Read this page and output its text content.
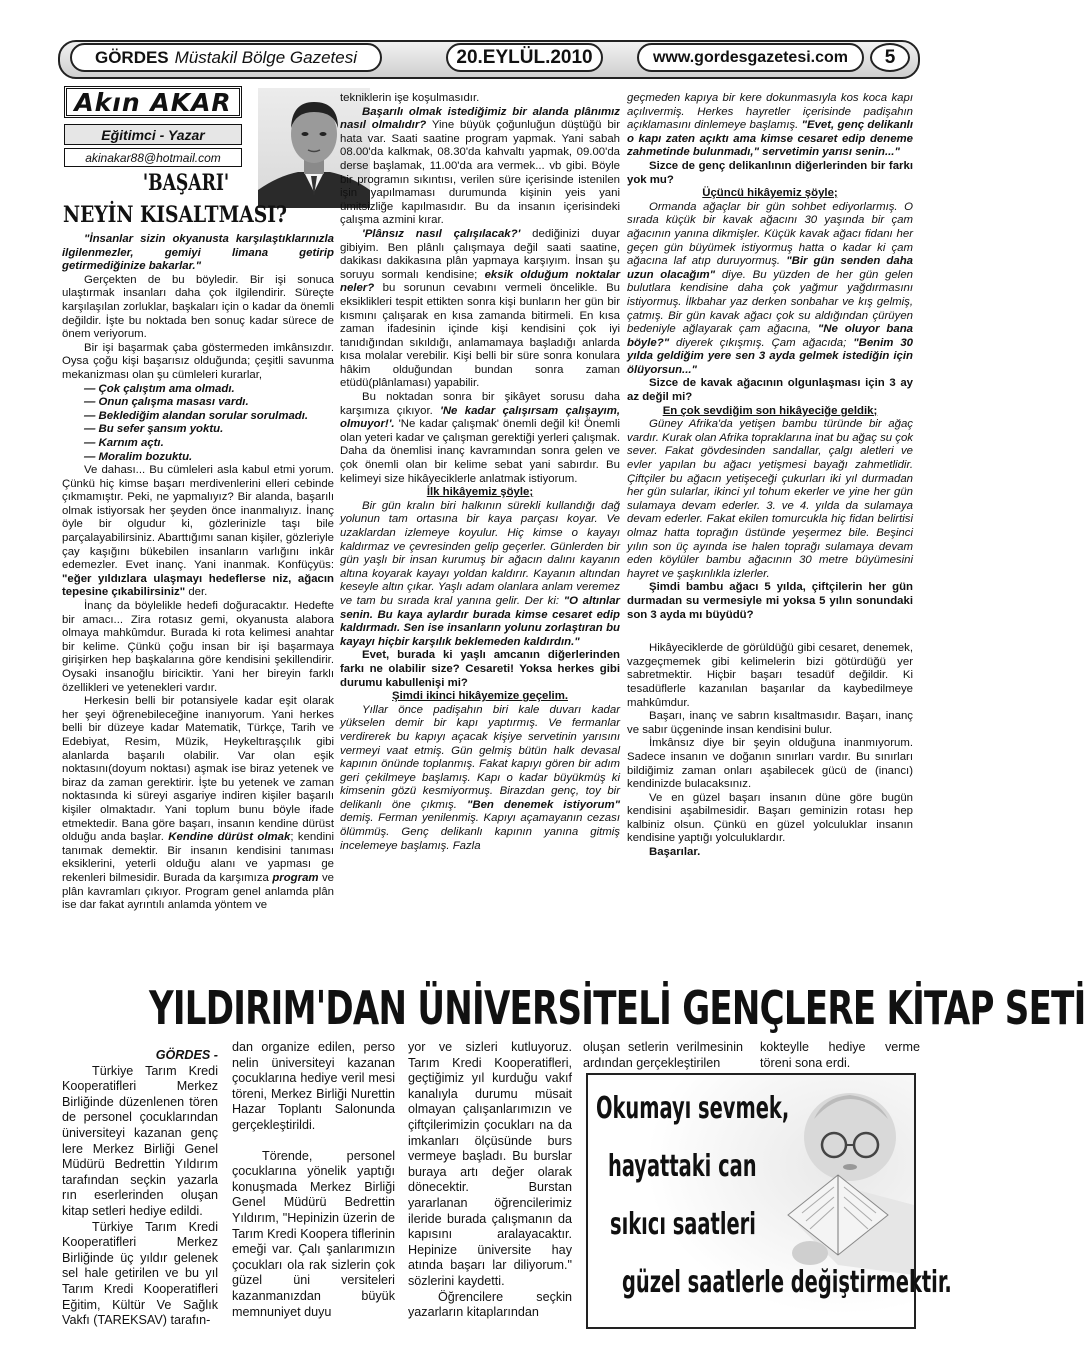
GÖRDES Müstakil Bölge Gazetesi	20.EYLÜL.2010	www.gordesgazetesi.com	5
Akın AKAR
Eğitimci - Yazar
akinakar88@hotmail.com
'BAŞARI'
NEYİN KISALTMASI?

"İnsanlar sizin okyanusta karşılaştıklarınızla ilgilenmezler, gemiyi limana getirip getirmediğinize bakarlar."

Gerçekten de bu böyledir. Bir işi sonuca ulaştırmak insanları daha çok ilgilendirir. Süreçte karşılaşılan zorluklar, başkaları için o kadar da önemli değildir. İşte bu noktada ben sonuç kadar sürece de önem veriyorum.

Bir işi başarmak çaba göstermeden imkânsızdır. Oysa çoğu kişi başarısız olduğunda; çeşitli savunma mekanizması olan şu cümleleri kurarlar,

— Çok çalıştım ama olmadı.

— Onun çalışma masası vardı.

— Beklediğim alandan sorular sorulmadı.

— Bu sefer şansım yoktu.

— Karnım açtı.

— Moralim bozuktu.

Ve dahası... Bu cümleleri asla kabul etmi yorum. Çünkü hiç kimse başarı merdivenlerini elleri cebinde çıkmamıştır. Peki, ne yapmalıyız? Bir alanda, başarılı olmak istiyorsak her şeyden önce inanmalıyız. İnanç öyle bir olgudur ki, gözlerinizle taşı bile parçalayabilirsiniz. Abarttığımı sanan kişiler, gözleriyle çay kaşığını bükebilen insanların varlığını inkâr edemezler. Evet inanç. Yani inanmak. Konfüçyüs: "eğer yıldızlara ulaşmayı hedeflerse niz, ağacın tepesine çıkabilirsiniz" der.

İnanç da böylelikle hedefi doğuracaktır. Hedefte bir amacı... Zira rotasız gemi, okyanusta alabora olmaya mahkûmdur. Burada ki rota kelimesi anahtar bir kelime. Çünkü çoğu insan bir işi başarmaya girişirken hep başkalarına göre kendisini şekillendirir. Oysaki insanoğlu biriciktir. Yani her bireyin farklı özellikleri ve yetenekleri vardır.

Herkesin belli bir potansiyele kadar eşit olarak her şeyi öğrenebileceğine inanıyorum. Yani herkes belli bir düzeye kadar Matematik, Türkçe, Tarih ve Edebiyat, Resim, Müzik, Heykeltıraşçılık gibi alanlarda başarılı olabilir. Var olan eşik noktasını(doyum noktası) aşmak ise biraz yetenek ve biraz da zaman gerektirir. İşte bu yetenek ve zaman noktasında ki süreyi asgariye indiren kişiler başarılı kişiler olmaktadır. Yani toplum bunu böyle ifade etmektedir. Bana göre başarı, insanın kendine dürüst olduğu anda başlar. Kendine dürüst olmak; kendini tanımak demektir. Bir insanın kendisini tanıması eksiklerini, yeterli olduğu alanı ve yapması ge rekenleri bilmesidir. Burada da karşımıza program ve plân kavramları çıkıyor. Program genel anlamda plân ise dar fakat ayrıntılı anlamda yöntem ve

tekniklerin işe koşulmasıdır.

Başarılı olmak istediğimiz bir alanda plânımız nasıl olmalıdır? Yine büyük çoğunluğun düştüğü bir hata var. Saati saatine program yapmak. Yani sabah 08.00'da kalkmak, 08.30'da kahvaltı yapmak, 09.00'da derse başlamak, 11.00'da ara vermek... vb gibi. Böyle bir programın sıkıntısı, verilen süre içerisinde istenilen işin yapılmaması durumunda kişinin yeis yani ümitsizliğe kapılmasıdır. Bu da insanın içerisindeki çalışma azmini kırar.

'Plânsız nasıl çalışılacak?' dediğinizi duyar gibiyim. Ben plânlı çalışmaya değil saati saatine, dakikası dakikasına plân yapmaya karşıyım. İnsan şu soruyu sormalı kendisine; eksik olduğum noktalar neler? bu sorunun cevabını vermeli öncelikle. Bu eksiklikleri tespit ettikten sonra kişi bunların her gün bir kısmını çalışarak en kısa zamanda bitirmeli. En kısa zaman ifadesinin içinde kişi kendisini çok iyi tanıdığından sıkıldığı, anlamamaya başladığı anlarda kısa molalar verebilir. Kişi belli bir süre sonra konulara hâkim olduğundan bundan sonra zaman etüdü(plânlaması) yapabilir.

Bu noktadan sonra bir şikâyet sorusu daha karşımıza çıkıyor. 'Ne kadar çalışırsam çalışayım, olmuyor!'. 'Ne kadar çalışmak' önemli değil ki! Önemli olan yeteri kadar ve çalışman gerektiği yerleri çalışmak. Daha da önemlisi inanç kavramından sonra gelen ve çok önemli olan bir kelime sebat yani sabırdır. Bu kelimeyi size hikâyeciklerle anlatmak istiyorum.

İlk hikâyemiz şöyle;

Bir gün kralın biri halkının sürekli kullandığı dağ yolunun tam ortasına bir kaya parçası koyar. Ve uzaklardan izlemeye koyulur. Hiç kimse o kayayı kaldırmaz ve çevresinden gelip geçerler. Günlerden bir gün yaşlı bir insan kurumuş bir ağacın dalını kayanın altına koyarak kayayı yoldan kaldırır. Kayanın altından keseyle altın çıkar. Yaşlı adam olanlara anlam veremez ve tam bu sırada kral yanına gelir. Der ki: "O altınlar senin. Bu kaya aylardır burada kimse cesaret edip kaldırmadı. Sen ise insanların yolunu zorlaştıran bu kayayı hiçbir karşılık beklemeden kaldırdın."

Evet, burada ki yaşlı amcanın diğerlerinden farkı ne olabilir size? Cesareti! Yoksa herkes gibi durumu kabullenişi mi?

Şimdi ikinci hikâyemize geçelim.

Yıllar önce padişahın biri kale duvarı kadar yükselen demir bir kapı yaptırmış. Ve fermanlar verdirerek bu kapıyı açacak kişiye servetinin yarısını vermeyi vaat etmiş. Gün gelmiş bütün halk devasal kapının önünde toplanmış. Fakat kapıyı gören bir adım geri çekilmeye başlamış. Kapı o kadar büyükmüş ki kimsenin gözü kesmiyormuş. Birazdan genç, toy bir delikanlı öne çıkmış. "Ben denemek istiyorum" demiş. Ferman yenilenmiş. Kapıyı açamayanın cezası ölümmüş. Genç delikanlı kapının yanına gitmiş incelemeye başlamış. Fazla

geçmeden kapıya bir kere dokunmasıyla kos koca kapı açılıvermiş. Herkes hayretler içerisinde padişahın açıklamasını dinlemeye başlamış. "Evet, genç delikanlı o kapı zaten açıktı ama kimse cesaret edip deneme zahmetinde bulunmadı," servetimin yarısı senin..."

Sizce de genç delikanlının diğerlerinden bir farkı yok mu?

Üçüncü hikâyemiz şöyle;

Ormanda ağaçlar bir gün sohbet ediyorlarmış. O sırada küçük bir kavak ağacını 30 yaşında bir çam ağacının yanına dikmişler. Küçük kavak ağacı fidanı her geçen gün büyümek istiyormuş hatta o kadar ki çam ağacına laf atıp duruyormuş. "Bir gün senden daha uzun olacağım" diye. Bu yüzden de her gün gelen bulutlara kendisine daha çok yağmur yağdırmasını istiyormuş. İlkbahar yaz derken sonbahar ve kış gelmiş, çatmış. Bir gün kavak ağacı çok su aldığından çürüyen bedeniyle ağlayarak çam ağacına, "Ne oluyor bana böyle?" diyerek çıkışmış. Çam ağacıda; "Benim 30 yılda geldiğim yere sen 3 ayda gelmek istediğin için ölüyorsun..."

Sizce de kavak ağacının olgunlaşması için 3 ay az değil mi?

En çok sevdiğim son hikâyeciğe geldik;

Güney Afrika'da yetişen bambu türünde bir ağaç vardır. Kurak olan Afrika topraklarına inat bu ağaç su çok sever. Fakat gövdesinden sandallar, çalgı aletleri ve evler yapılan bu ağacı yetişmesi bayağı zahmetlidir. Çiftçiler bu ağacın yetişeceği çukurları iki yıl durmadan her gün sularlar, ikinci yıl tohum ekerler ve yine her gün sulamaya devam ederler. 3. ve 4. yılda da sulamaya devam ederler. Fakat ekilen tomurcukla hiç fidan belirtisi olmaz hatta toprağın üstünde yeşermez bile. Beşinci yılın son üç ayında ise halen toprağı sulamaya devam eden köylüler bambu ağacının 30 metre büyümesini hayret ve şaşkınlıkla izlerler.

Şimdi bambu ağacı 5 yılda, çiftçilerin her gün durmadan su vermesiyle mi yoksa 5 yılın sonundaki son 3 ayda mı büyüdü?

Hikâyeciklerde de görüldüğü gibi cesaret, denemek, vazgeçmemek gibi kelimelerin bizi götürdüğü yer sabretmektir. Hiçbir başarı tesadüf değildir. Ki tesadüflerle kazanılan başarılar da kaybedilmeye mahkûmdur.

Başarı, inanç ve sabrın kısaltmasıdır. Başarı, inanç ve sabır üçgeninde insan kendisini bulur.

İmkânsız diye bir şeyin olduğuna inanmıyorum. Sadece insanın ve doğanın sınırları vardır. Bu sınırları bildiğimiz zaman onları aşabilecek gücü de (inancı) kendinizde bulacaksınız.

Ve en güzel başarı insanın düne göre bugün kendisini aşabilmesidir. Başarı geminizin rotası hep kalbiniz olsun. Çünkü en güzel yolculuklar insanın kendisine yaptığı yolculuklardır.

Başarılar.

YILDIRIM'DAN ÜNİVERSİTELİ GENÇLERE KİTAP SETİ

GÖRDES -

Türkiye Tarım Kredi Kooperatifleri Merkez Birliğinde düzenlenen tören de personel çocuklarından üniversiteyi kazanan genç lere Merkez Birliği Genel Müdürü Bedrettin Yıldırım tarafından seçkin yazarla rın eserlerinden oluşan kitap setleri hediye edildi.

Türkiye Tarım Kredi Kooperatifleri Merkez Birliğinde üç yıldır gelenek sel hale getirilen ve bu yıl Tarım Kredi Kooperatifleri Eğitim, Kültür Ve Sağlık Vakfı (TAREKSAV) tarafın-

dan organize edilen, perso nelin üniversiteyi kazanan çocuklarına hediye veril mesi töreni, Merkez Birliği Nurettin Hazar Toplantı Salonunda gerçekleştirildi.

Törende, personel çocuklarına yönelik yaptığı konuşmada Merkez Birliği Genel Müdürü Bedrettin Yıldırım, "Hepinizin üzerin de Tarım Kredi Koopera tiflerinin emeği var. Çalı şanlarımızın çocukları ola rak sizlerin çok güzel üni versiteleri kazanmanızdan büyük memnuniyet duyu

yor ve sizleri kutluyoruz. Tarım Kredi Kooperatifleri, geçtiğimiz yıl kurduğu vakıf kanalıyla durumu müsait olmayan çalışanlarımızın ve çiftçilerimizin çocukları na da imkanları ölçüsünde burs vermeye başladı. Bu burslar buraya artı değer olarak dönecektir. Burstan yararlanan öğrencilerimiz ileride burada çalışmanın da kapısını aralayacaktır. Hepinize üniversite hay atında başarı lar diliyorum." sözlerini kaydetti.

Öğrencilere seçkin yazarların kitaplarından

oluşan setlerin verilmesinin ardından gerçekleştirilen

kokteylle hediye verme töreni sona erdi.

Okumayı sevmek,
hayattaki can
sıkıcı saatleri
güzel saatlerle değiştirmektir.
